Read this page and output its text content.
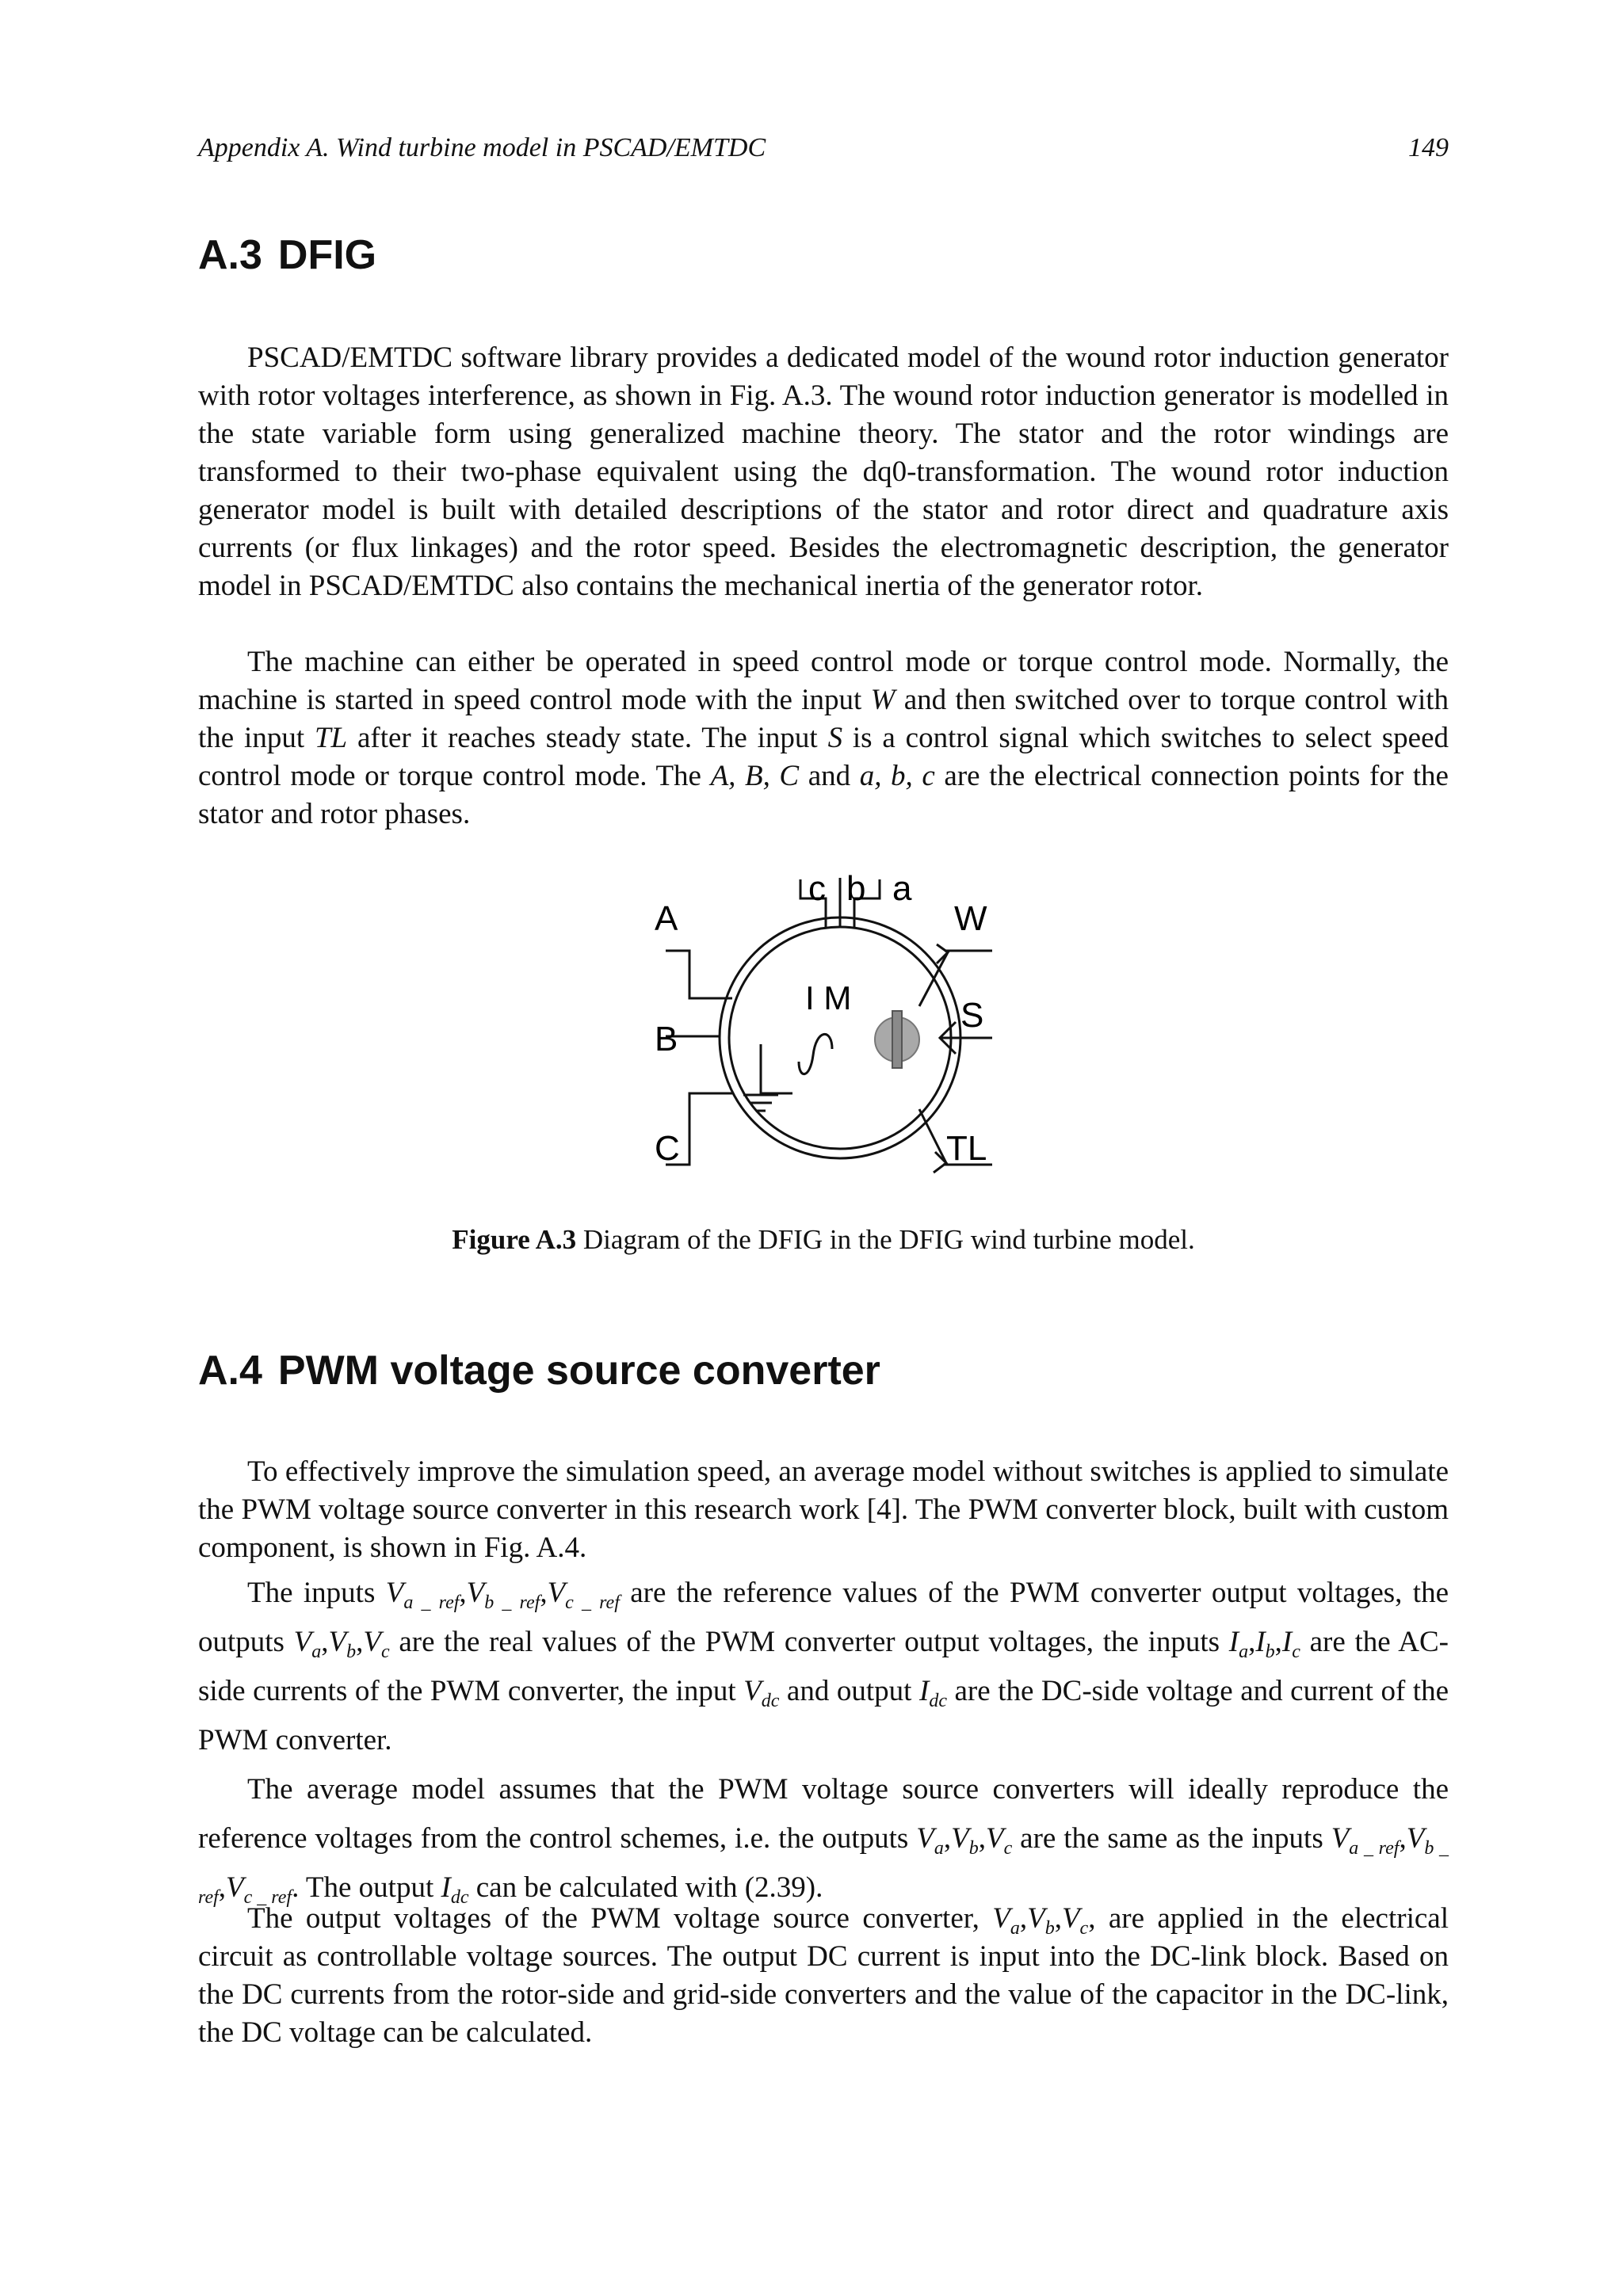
Appendix A. Wind turbine model in PSCAD/EMTDC	149
A.3 DFIG

PSCAD/EMTDC software library provides a dedicated model of the wound rotor induction generator with rotor voltages interference, as shown in Fig. A.3. The wound rotor induction generator is modelled in the state variable form using generalized machine theory. The stator and the rotor windings are transformed to their two-phase equivalent using the dq0-transformation. The wound rotor induction generator model is built with detailed descriptions of the stator and rotor direct and quadrature axis currents (or flux linkages) and the rotor speed. Besides the electromagnetic description, the generator model in PSCAD/EMTDC also contains the mechanical inertia of the generator rotor.

The machine can either be operated in speed control mode or torque control mode. Normally, the machine is started in speed control mode with the input W and then switched over to torque control with the input TL after it reaches steady state. The input S is a control signal which switches to select speed control mode or torque control mode. The A, B, C and a, b, c are the electrical connection points for the stator and rotor phases.

A
B
C
c b a
W
S
TL
I M
Figure A.3 Diagram of the DFIG in the DFIG wind turbine model.
A.4 PWM voltage source converter

To effectively improve the simulation speed, an average model without switches is applied to simulate the PWM voltage source converter in this research work [4]. The PWM converter block, built with custom component, is shown in Fig. A.4.

The inputs $V_{a \_ ref},V_{b \_ ref},V_{c \_ ref}$ are the reference values of the PWM converter output voltages, the outputs $V_a,V_b,V_c$ are the real values of the PWM converter output voltages, the inputs $I_a,I_b,I_c$ are the AC-side currents of the PWM converter, the input $V_{dc}$ and output $I_{dc}$ are the DC-side voltage and current of the PWM converter.

The average model assumes that the PWM voltage source converters will ideally reproduce the reference voltages from the control schemes, i.e. the outputs $V_a,V_b,V_c$ are the same as the inputs $V_{a \_ ref},V_{b \_ ref},V_{c \_ ref}$. The output $I_{dc}$ can be calculated with (2.39).

The output voltages of the PWM voltage source converter, $V_a,V_b,V_c$, are applied in the electrical circuit as controllable voltage sources. The output DC current is input into the DC-link block. Based on the DC currents from the rotor-side and grid-side converters and the value of the capacitor in the DC-link, the DC voltage can be calculated.
